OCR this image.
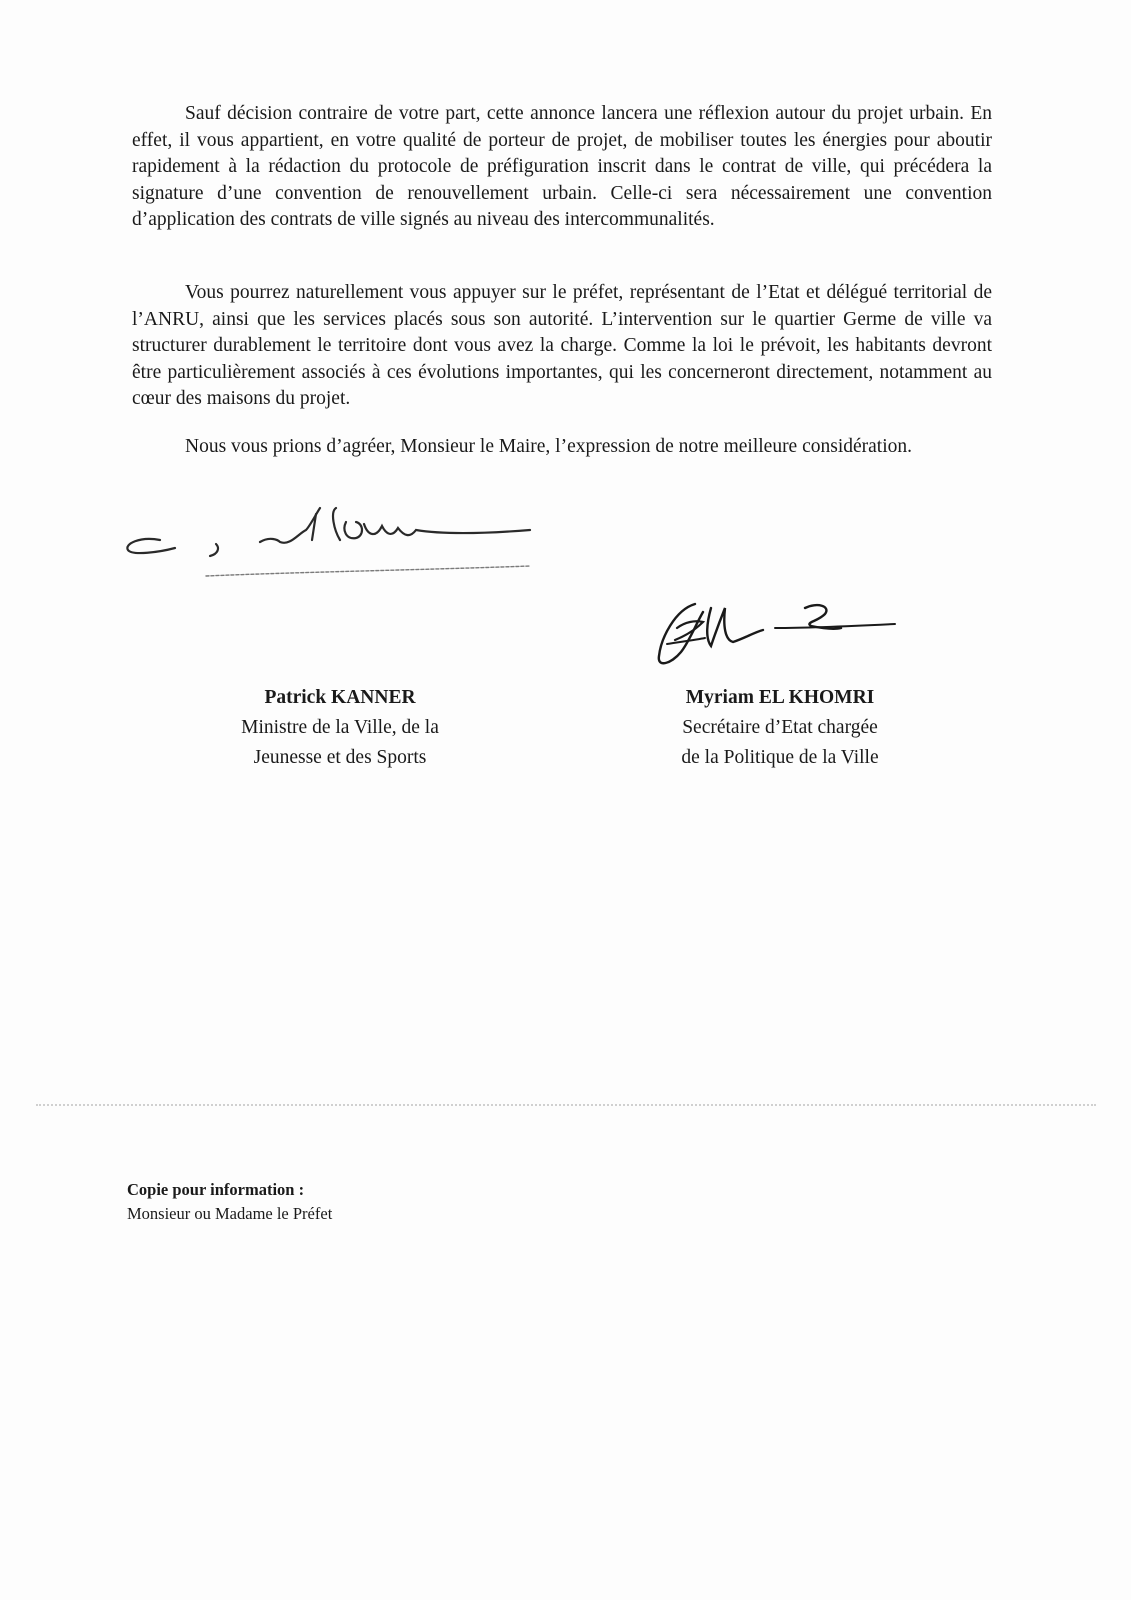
Sauf décision contraire de votre part, cette annonce lancera une réflexion autour du projet urbain. En effet, il vous appartient, en votre qualité de porteur de projet, de mobiliser toutes les énergies pour aboutir rapidement à la rédaction du protocole de préfiguration inscrit dans le contrat de ville, qui précédera la signature d’une convention de renouvellement urbain. Celle-ci sera nécessairement une convention d’application des contrats de ville signés au niveau des intercommunalités.
Vous pourrez naturellement vous appuyer sur le préfet, représentant de l’Etat et délégué territorial de l’ANRU, ainsi que les services placés sous son autorité. L’intervention sur le quartier Germe de ville va structurer durablement le territoire dont vous avez la charge. Comme la loi le prévoit, les habitants devront être particulièrement associés à ces évolutions importantes, qui les concerneront directement, notamment au cœur des maisons du projet.
Nous vous prions d’agréer, Monsieur le Maire, l’expression de notre meilleure considération.
Patrick KANNER
Ministre de la Ville, de la
Jeunesse et des Sports
Myriam EL KHOMRI
Secrétaire d’Etat chargée
de la Politique de la Ville
Copie pour information :
Monsieur ou Madame le Préfet
